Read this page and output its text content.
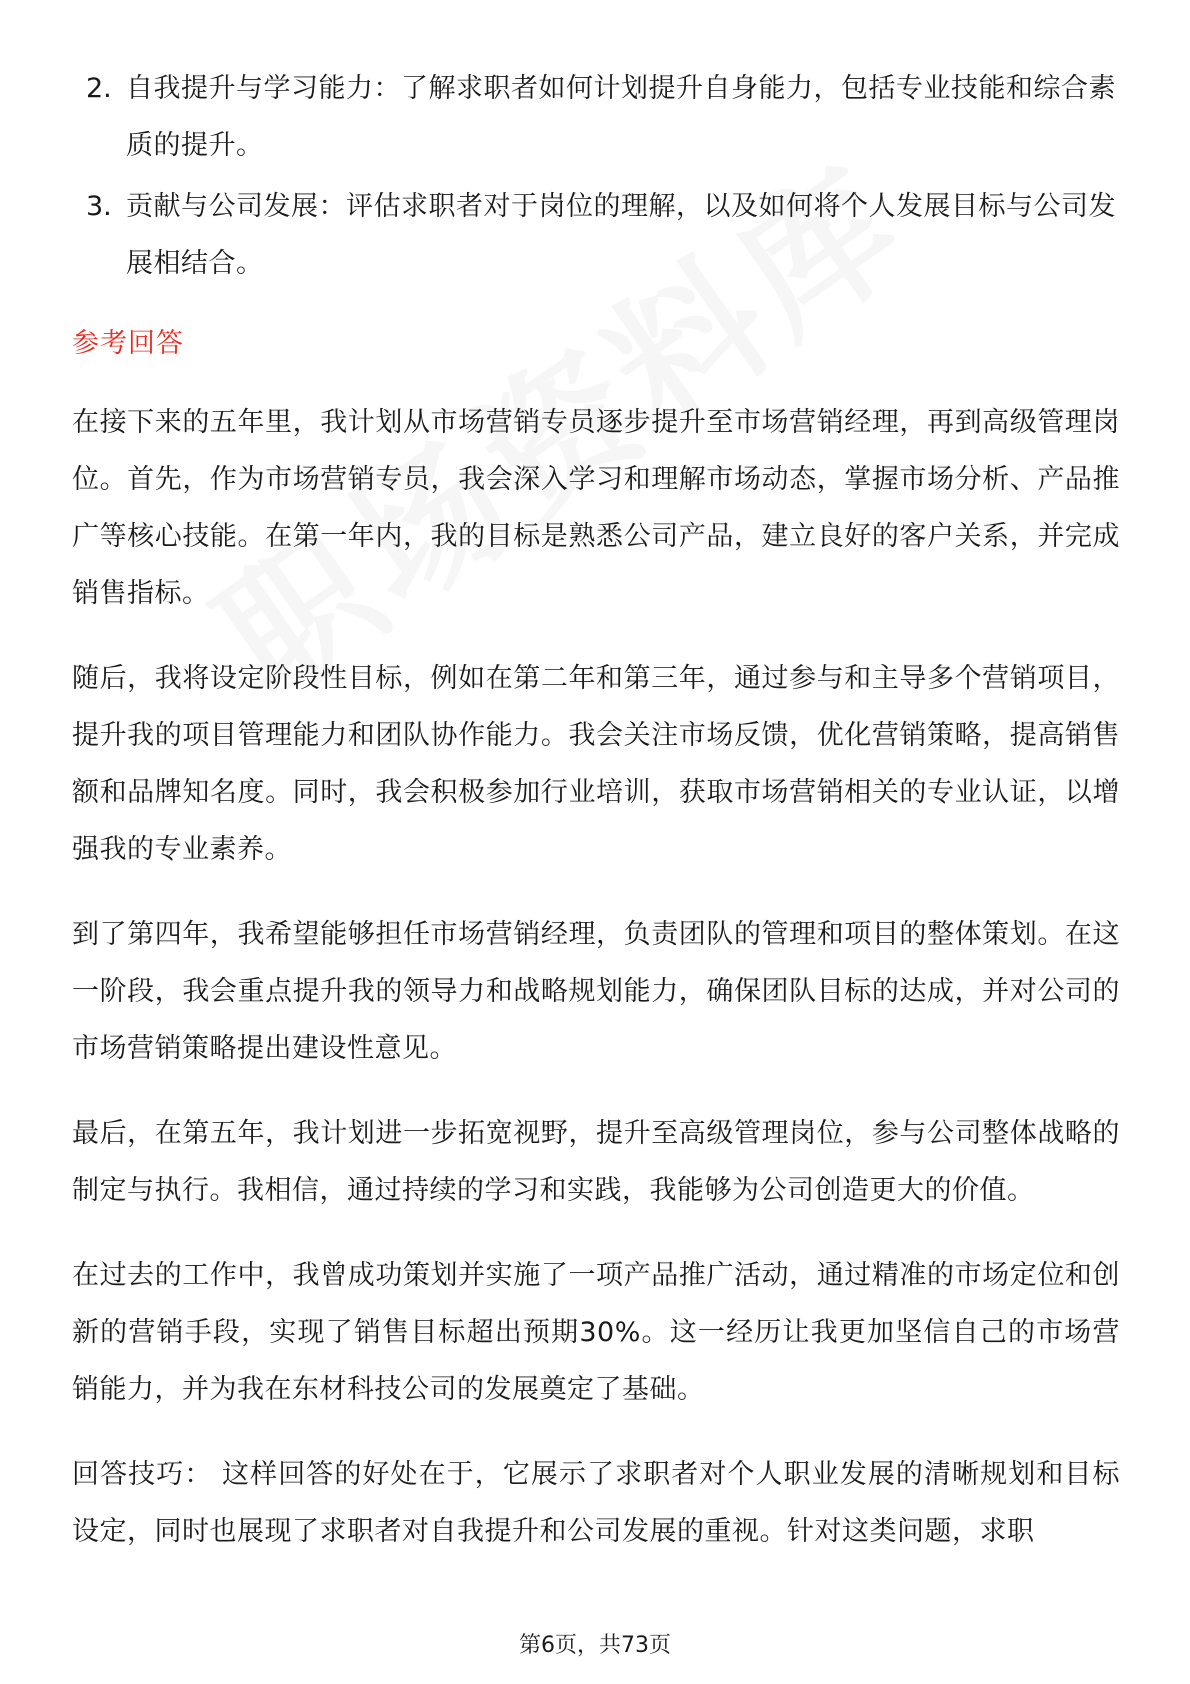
2. 自我提升与学习能力：了解求职者如何计划提升自身能力，包括专业技能和综合素质的提升。
3. 贡献与公司发展：评估求职者对于岗位的理解，以及如何将个人发展目标与公司发展相结合。
参考回答

在接下来的五年里，我计划从市场营销专员逐步提升至市场营销经理，再到高级管理岗位。首先，作为市场营销专员，我会深入学习和理解市场动态，掌握市场分析、产品推广等核心技能。在第一年内，我的目标是熟悉公司产品，建立良好的客户关系，并完成销售指标。

随后，我将设定阶段性目标，例如在第二年和第三年，通过参与和主导多个营销项目，提升我的项目管理能力和团队协作能力。我会关注市场反馈，优化营销策略，提高销售额和品牌知名度。同时，我会积极参加行业培训，获取市场营销相关的专业认证，以增强我的专业素养。

到了第四年，我希望能够担任市场营销经理，负责团队的管理和项目的整体策划。在这一阶段，我会重点提升我的领导力和战略规划能力，确保团队目标的达成，并对公司的市场营销策略提出建设性意见。

最后，在第五年，我计划进一步拓宽视野，提升至高级管理岗位，参与公司整体战略的制定与执行。我相信，通过持续的学习和实践，我能够为公司创造更大的价值。

在过去的工作中，我曾成功策划并实施了一项产品推广活动，通过精准的市场定位和创新的营销手段，实现了销售目标超出预期30%。这一经历让我更加坚信自己的市场营销能力，并为我在东材科技公司的发展奠定了基础。

回答技巧： 这样回答的好处在于，它展示了求职者对个人职业发展的清晰规划和目标设定，同时也展现了求职者对自我提升和公司发展的重视。针对这类问题，求职

第6页，共73页
